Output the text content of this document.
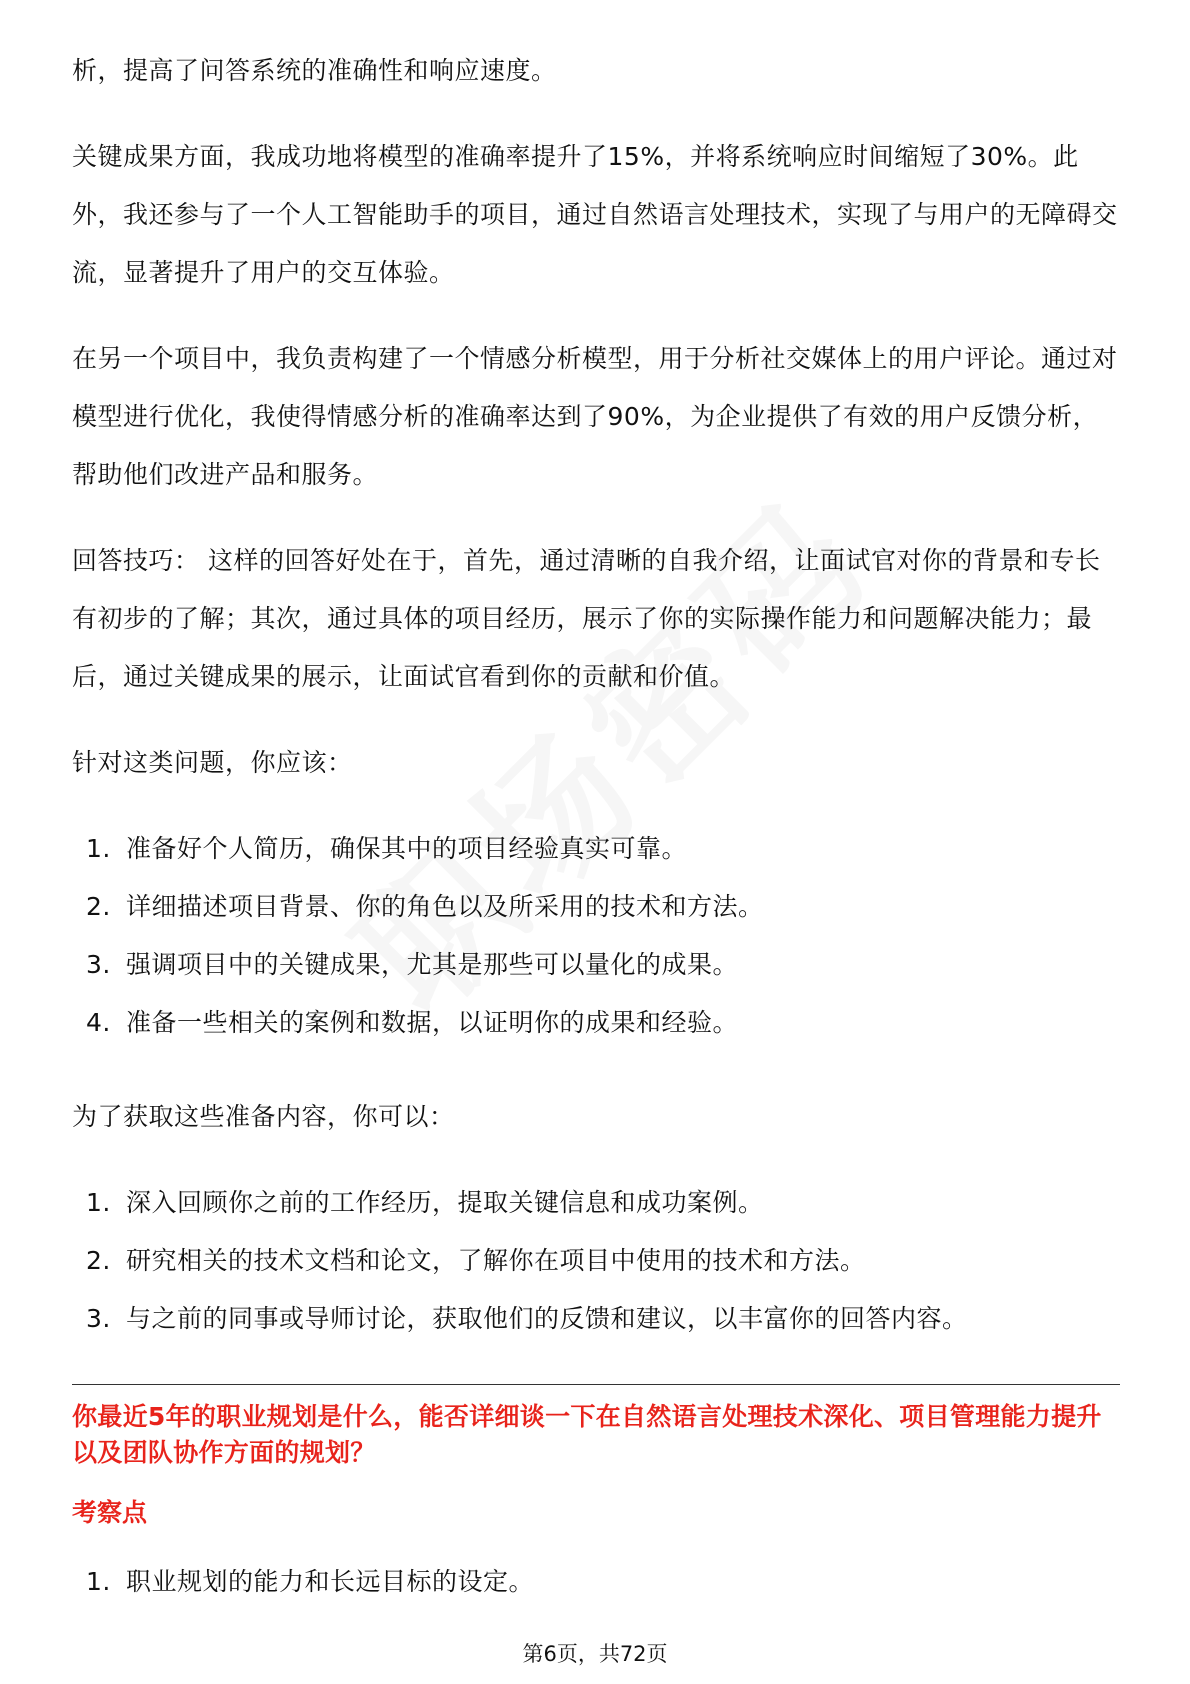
析，提高了问答系统的准确性和响应速度。

关键成果方面，我成功地将模型的准确率提升了15%，并将系统响应时间缩短了30%。此外，我还参与了一个人工智能助手的项目，通过自然语言处理技术，实现了与用户的无障碍交流，显著提升了用户的交互体验。

在另一个项目中，我负责构建了一个情感分析模型，用于分析社交媒体上的用户评论。通过对模型进行优化，我使得情感分析的准确率达到了90%，为企业提供了有效的用户反馈分析，帮助他们改进产品和服务。

回答技巧： 这样的回答好处在于，首先，通过清晰的自我介绍，让面试官对你的背景和专长有初步的了解；其次，通过具体的项目经历，展示了你的实际操作能力和问题解决能力；最后，通过关键成果的展示，让面试官看到你的贡献和价值。

针对这类问题，你应该：

1. 准备好个人简历，确保其中的项目经验真实可靠。
2. 详细描述项目背景、你的角色以及所采用的技术和方法。
3. 强调项目中的关键成果，尤其是那些可以量化的成果。
4. 准备一些相关的案例和数据，以证明你的成果和经验。

为了获取这些准备内容，你可以：

1. 深入回顾你之前的工作经历，提取关键信息和成功案例。
2. 研究相关的技术文档和论文，了解你在项目中使用的技术和方法。
3. 与之前的同事或导师讨论，获取他们的反馈和建议，以丰富你的回答内容。

你最近5年的职业规划是什么，能否详细谈一下在自然语言处理技术深化、项目管理能力提升以及团队协作方面的规划？

考察点

1. 职业规划的能力和长远目标的设定。
第6页，共72页
